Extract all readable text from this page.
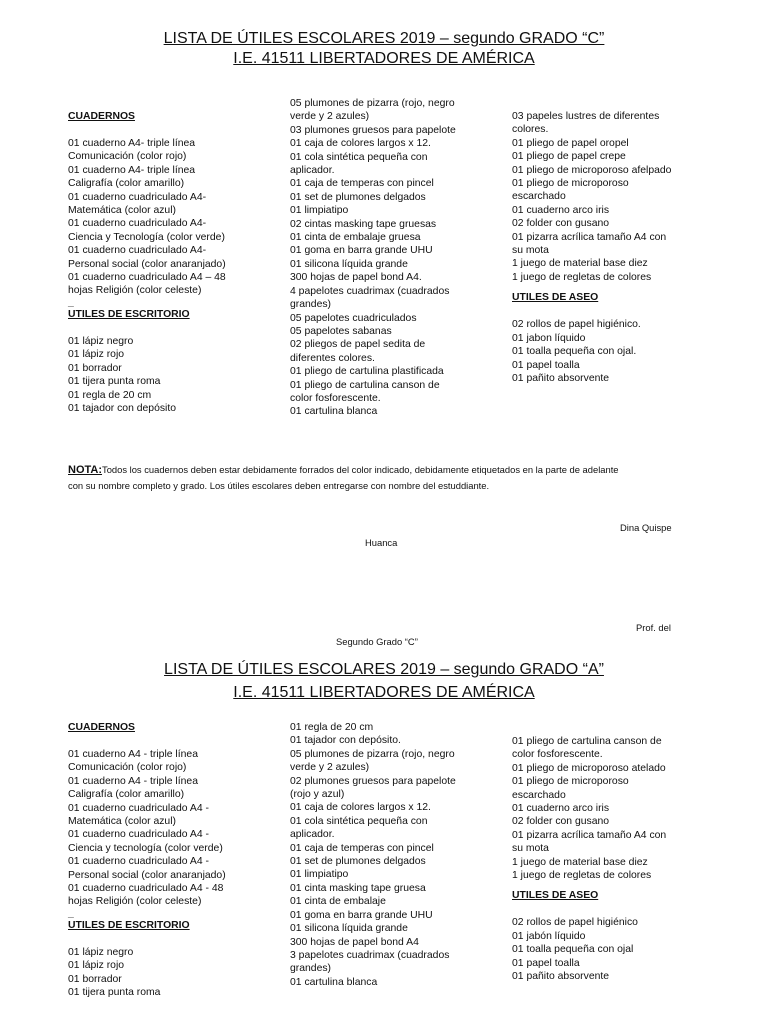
LISTA DE ÚTILES ESCOLARES 2019 – segundo GRADO “C”
I.E. 41511 LIBERTADORES DE AMÉRICA
CUADERNOS
01 cuaderno A4- triple línea
Comunicación (color rojo)
01 cuaderno A4- triple línea
Caligrafía (color amarillo)
01 cuaderno cuadriculado A4-
Matemática (color azul)
01 cuaderno cuadriculado A4-
Ciencia y Tecnología (color verde)
01 cuaderno cuadriculado A4-
Personal social (color anaranjado)
01 cuaderno cuadriculado A4 – 48
hojas Religión (color celeste)
_
UTILES DE ESCRITORIO
01 lápiz negro
01 lápiz rojo
01 borrador
01 tijera punta roma
01 regla de 20 cm
01 tajador con depósito
05 plumones de pizarra (rojo, negro
verde y 2 azules)
03 plumones gruesos para papelote
01 caja de colores largos x 12.
01 cola sintética pequeña con
aplicador.
01 caja de temperas con pincel
01 set de plumones delgados
01 limpiatipo
02 cintas masking tape gruesas
01 cinta de embalaje gruesa
01 goma en barra grande UHU
01 silicona líquida grande
300 hojas de papel bond A4.
4 papelotes cuadrimax (cuadrados
grandes)
05 papelotes cuadriculados
05 papelotes sabanas
02 pliegos de papel sedita de
diferentes colores.
01 pliego de cartulina plastificada
01 pliego de cartulina canson de
color fosforescente.
01 cartulina blanca
03 papeles lustres de diferentes
colores.
01 pliego de papel oropel
01 pliego de papel crepe
01 pliego de microporoso afelpado
01 pliego de microporoso
escarchado
01 cuaderno arco iris
02 folder con gusano
01 pizarra acrílica tamaño A4 con
su mota
1 juego de material base diez
1 juego de regletas de colores
UTILES DE ASEO
02 rollos de papel higiénico.
01 jabon líquido
01 toalla pequeña con ojal.
01 papel toalla
01 pañito absorvente
NOTA:Todos los cuadernos deben estar debidamente forrados del color indicado, debidamente etiquetados en la parte de adelante
con su nombre completo y grado. Los útiles escolares deben entregarse con nombre del estuddiante.
Dina Quispe
Huanca
Prof. del
Segundo Grado “C”
LISTA DE ÚTILES ESCOLARES 2019 – segundo GRADO “A”
I.E. 41511 LIBERTADORES DE AMÉRICA
CUADERNOS
01 cuaderno A4 - triple línea
Comunicación (color rojo)
01 cuaderno A4 - triple línea
Caligrafía (color amarillo)
01 cuaderno cuadriculado A4 -
Matemática (color azul)
01 cuaderno cuadriculado A4 -
Ciencia y tecnología (color verde)
01 cuaderno cuadriculado A4 -
Personal social (color anaranjado)
01 cuaderno cuadriculado A4 - 48
hojas Religión (color celeste)
_
UTILES DE ESCRITORIO
01 lápiz negro
01 lápiz rojo
01 borrador
01 tijera punta roma
01 regla de 20 cm
01 tajador con depósito.
05 plumones de pizarra (rojo, negro
verde y 2 azules)
02 plumones gruesos para papelote
(rojo y azul)
01 caja de colores largos x 12.
01 cola sintética pequeña con
aplicador.
01 caja de temperas con pincel
01 set de plumones delgados
01 limpiatipo
01 cinta masking tape gruesa
01 cinta de embalaje
01 goma en barra grande UHU
01 silicona líquida grande
300 hojas de papel bond A4
3 papelotes cuadrimax (cuadrados
grandes)
01 cartulina blanca
01 pliego de cartulina canson de
color fosforescente.
01 pliego de microporoso atelado
01 pliego de microporoso
escarchado
01 cuaderno arco iris
02 folder con gusano
01 pizarra acrílica tamaño A4 con
su mota
1 juego de material base diez
1 juego de regletas de colores
UTILES DE ASEO
02 rollos de papel higiénico
01 jabón líquido
01 toalla pequeña con ojal
01 papel toalla
01 pañito absorvente
